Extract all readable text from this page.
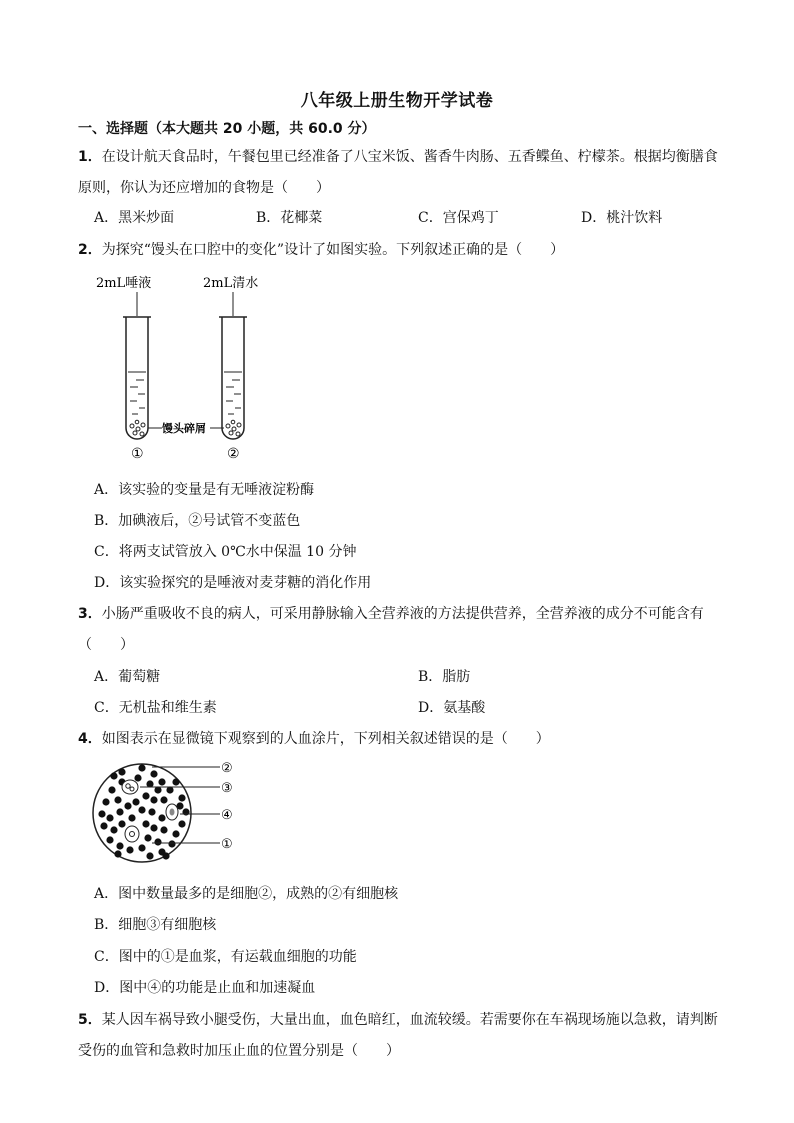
八年级上册生物开学试卷
一、选择题（本大题共 20 小题，共 60.0 分）
1．在设计航天食品时，午餐包里已经准备了八宝米饭、酱香牛肉肠、五香鲽鱼、柠檬茶。根据均衡膳食
原则，你认为还应增加的食物是（　　）
A．黑米炒面	B．花椰菜	C．宫保鸡丁	D．桃汁饮料
2．为探究“馒头在口腔中的变化”设计了如图实验。下列叙述正确的是（　　）
2mL唾液	2mL清水
馒头碎屑
①	②
A．该实验的变量是有无唾液淀粉酶
B．加碘液后，②号试管不变蓝色
C．将两支试管放入 0℃水中保温 10 分钟
D．该实验探究的是唾液对麦芽糖的消化作用
3．小肠严重吸收不良的病人，可采用静脉输入全营养液的方法提供营养，全营养液的成分不可能含有
（　　）
A．葡萄糖	B．脂肪
C．无机盐和维生素	D．氨基酸
4．如图表示在显微镜下观察到的人血涂片，下列相关叙述错误的是（　　）
②
③
④
①
A．图中数量最多的是细胞②，成熟的②有细胞核
B．细胞③有细胞核
C．图中的①是血浆，有运载血细胞的功能
D．图中④的功能是止血和加速凝血
5．某人因车祸导致小腿受伤，大量出血，血色暗红，血流较缓。若需要你在车祸现场施以急救，请判断
受伤的血管和急救时加压止血的位置分别是（　　）
